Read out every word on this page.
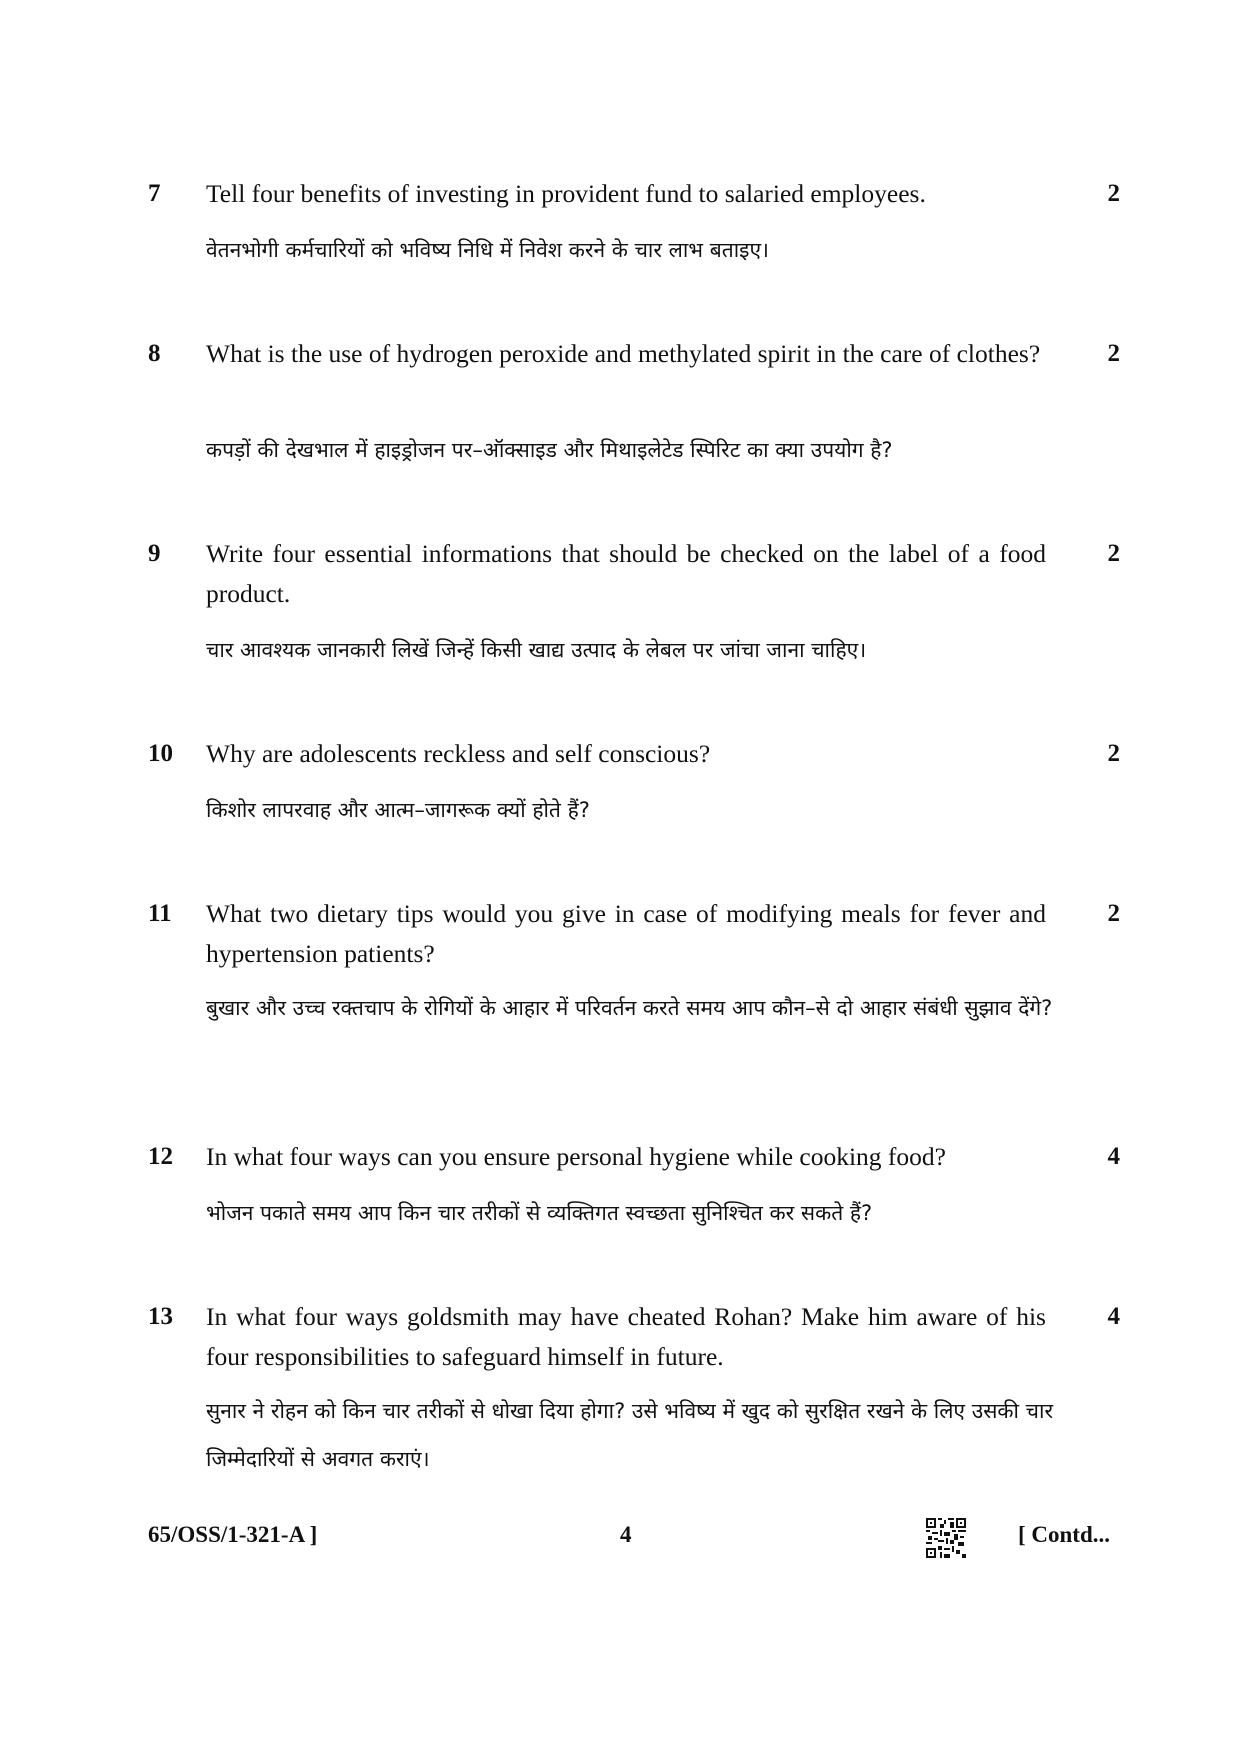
7 Tell four benefits of investing in provident fund to salaried employees.	2
वेतनभोगी कर्मचारियों को भविष्य निधि में निवेश करने के चार लाभ बताइए।
8 What is the use of hydrogen peroxide and methylated spirit in the care of clothes?	2
कपड़ों की देखभाल में हाइड्रोजन पर–ऑक्साइड और मिथाइलेटेड स्पिरिट का क्या उपयोग है?
9 Write four essential informations that should be checked on the label of a food product.
2
चार आवश्यक जानकारी लिखें जिन्हें किसी खाद्य उत्पाद के लेबल पर जांचा जाना चाहिए।
10 Why are adolescents reckless and self conscious?	2
किशोर लापरवाह और आत्म–जागरूक क्यों होते हैं?
11 What two dietary tips would you give in case of modifying meals for fever and hypertension patients?
2
बुखार और उच्च रक्तचाप के रोगियों के आहार में परिवर्तन करते समय आप कौन–से दो आहार संबंधी सुझाव देंगे?
12 In what four ways can you ensure personal hygiene while cooking food?	4
भोजन पकाते समय आप किन चार तरीकों से व्यक्तिगत स्वच्छता सुनिश्चित कर सकते हैं?
13 In what four ways goldsmith may have cheated Rohan? Make him aware of his four responsibilities to safeguard himself in future.
4
सुनार ने रोहन को किन चार तरीकों से धोखा दिया होगा? उसे भविष्य में खुद को सुरक्षित रखने के लिए उसकी चार जिम्मेदारियों से अवगत कराएं।
65/OSS/1-321-A ]	4	[ Contd...
